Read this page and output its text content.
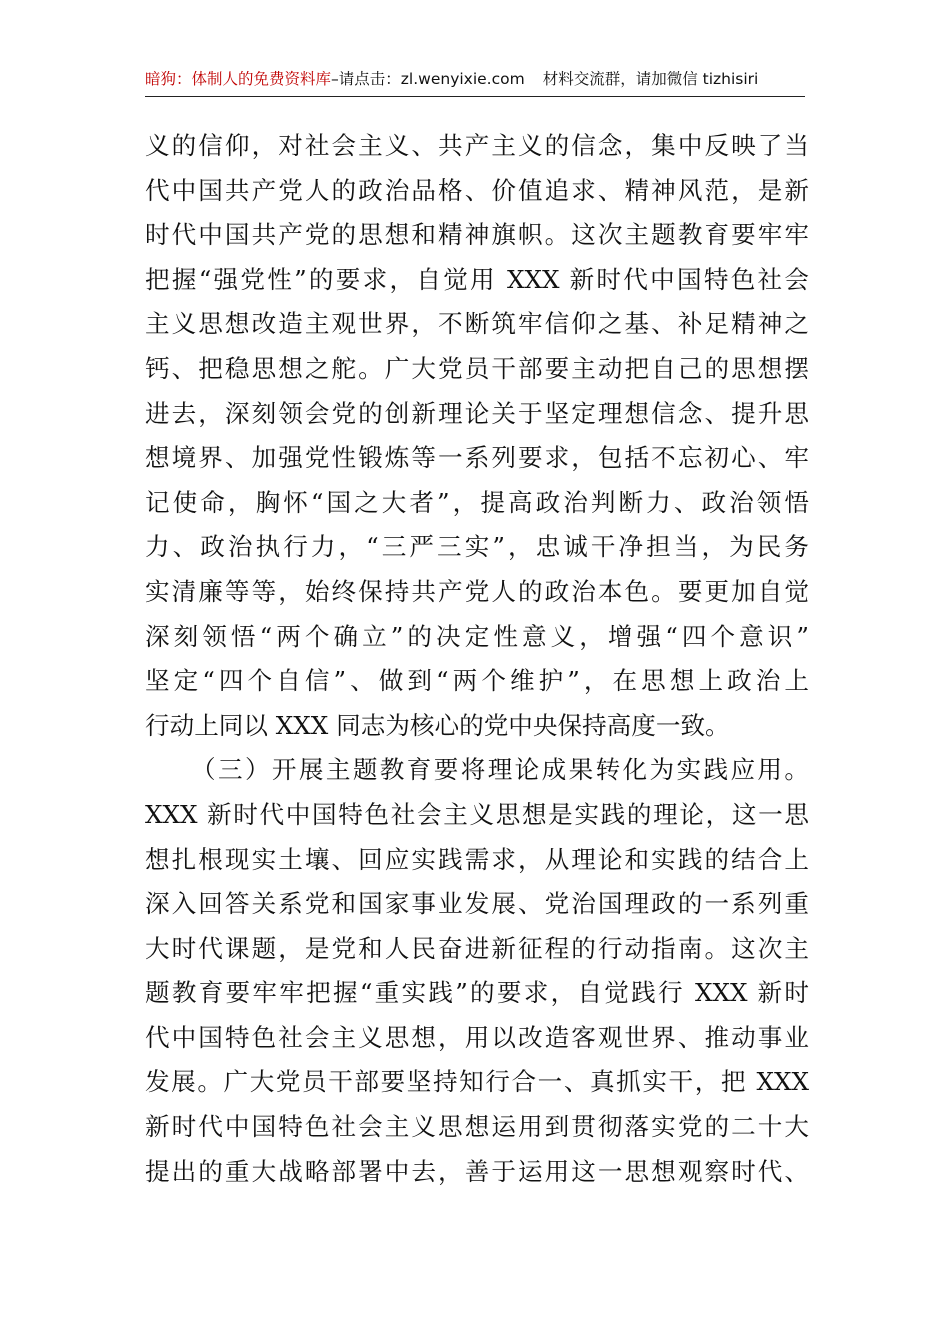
暗狗：体制人的免费资料库–请点击：zl.wenyixie.com 材料交流群，请加微信 tizhisiri
义的信仰，对社会主义、共产主义的信念，集中反映了当
代中国共产党人的政治品格、价值追求、精神风范，是新
时代中国共产党的思想和精神旗帜。这次主题教育要牢牢
把握“强党性”的要求，自觉用 XXX 新时代中国特色社会
主义思想改造主观世界，不断筑牢信仰之基、补足精神之
钙、把稳思想之舵。广大党员干部要主动把自己的思想摆
进去，深刻领会党的创新理论关于坚定理想信念、提升思
想境界、加强党性锻炼等一系列要求，包括不忘初心、牢
记使命，胸怀“国之大者”，提高政治判断力、政治领悟
力、政治执行力，“三严三实”，忠诚干净担当，为民务
实清廉等等，始终保持共产党人的政治本色。要更加自觉
深刻领悟“两个确立”的决定性意义，增强“四个意识”
坚定“四个自信”、做到“两个维护”，在思想上政治上
行动上同以 XXX 同志为核心的党中央保持高度一致。
（三）开展主题教育要将理论成果转化为实践应用。
XXX 新时代中国特色社会主义思想是实践的理论，这一思
想扎根现实土壤、回应实践需求，从理论和实践的结合上
深入回答关系党和国家事业发展、党治国理政的一系列重
大时代课题，是党和人民奋进新征程的行动指南。这次主
题教育要牢牢把握“重实践”的要求，自觉践行 XXX 新时
代中国特色社会主义思想，用以改造客观世界、推动事业
发展。广大党员干部要坚持知行合一、真抓实干，把 XXX
新时代中国特色社会主义思想运用到贯彻落实党的二十大
提出的重大战略部署中去，善于运用这一思想观察时代、
